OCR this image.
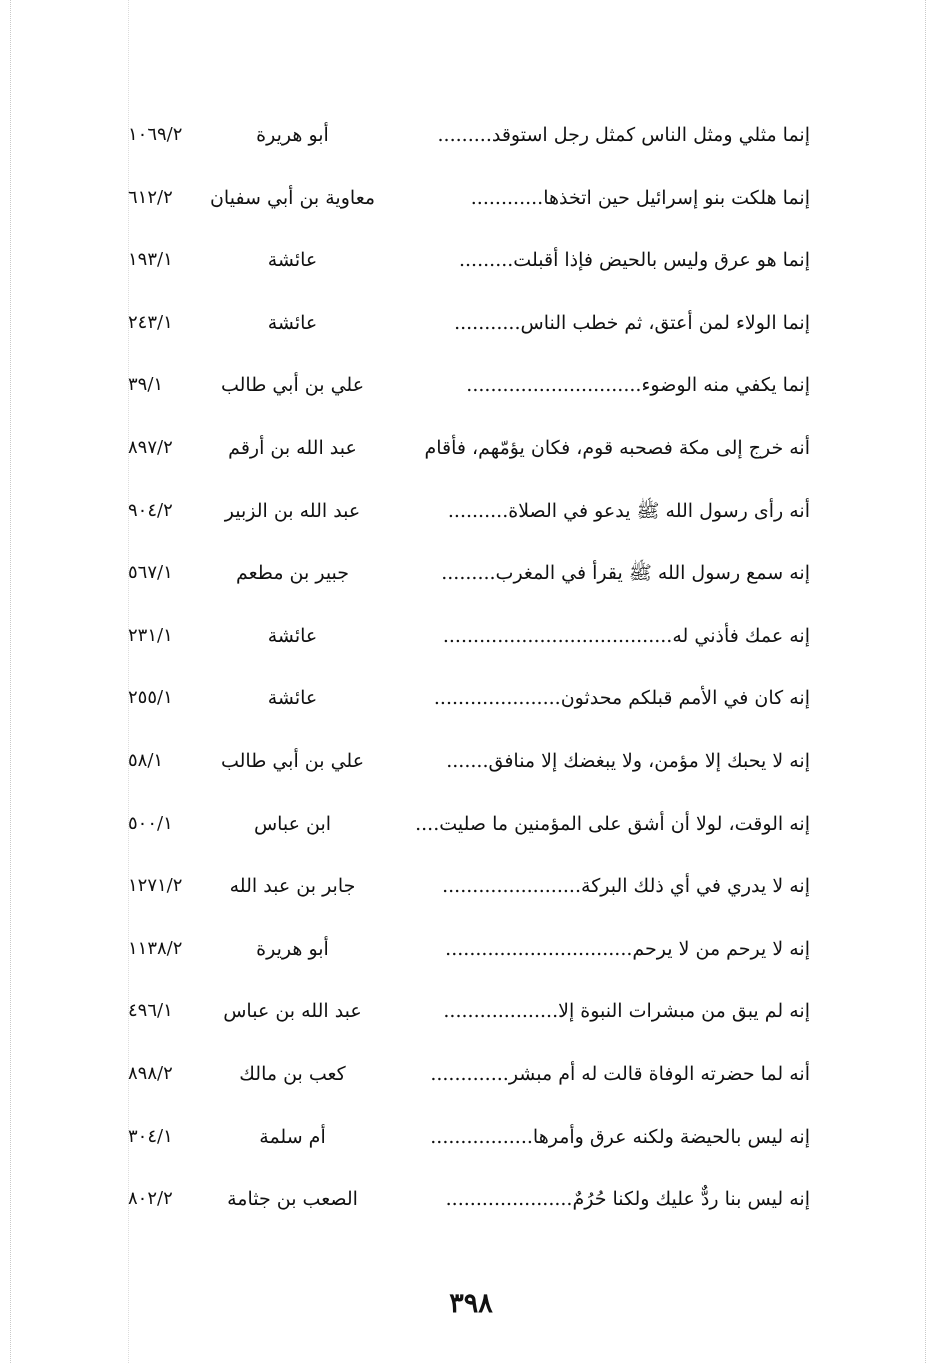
إنما مثلي ومثل الناس كمثل رجل استوقد.........
أبو هريرة
١٠٦٩/٢
إنما هلكت بنو إسرائيل حين اتخذها............
معاوية بن أبي سفيان
٦١٢/٢
إنما هو عرق وليس بالحيض فإذا أقبلت.........
عائشة
١٩٣/١
إنما الولاء لمن أعتق، ثم خطب الناس...........
عائشة
٢٤٣/١
إنما يكفي منه الوضوء.............................
علي بن أبي طالب
٣٩/١
أنه خرج إلى مكة فصحبه قوم، فكان يؤمّهم، فأقام
عبد الله بن أرقم
٨٩٧/٢
أنه رأى رسول الله ﷺ يدعو في الصلاة..........
عبد الله بن الزبير
٩٠٤/٢
إنه سمع رسول الله ﷺ يقرأ في المغرب.........
جبير بن مطعم
٥٦٧/١
إنه عمك فأذني له......................................
عائشة
٢٣١/١
إنه كان في الأمم قبلكم محدثون.....................
عائشة
٢٥٥/١
إنه لا يحبك إلا مؤمن، ولا يبغضك إلا منافق.......
علي بن أبي طالب
٥٨/١
إنه الوقت، لولا أن أشق على المؤمنين ما صليت....
ابن عباس
٥٠٠/١
إنه لا يدري في أي ذلك البركة.......................
جابر بن عبد الله
١٢٧١/٢
إنه لا يرحم من لا يرحم...............................
أبو هريرة
١١٣٨/٢
إنه لم يبق من مبشرات النبوة إلا...................
عبد الله بن عباس
٤٩٦/١
أنه لما حضرته الوفاة قالت له أم مبشر.............
كعب بن مالك
٨٩٨/٢
إنه ليس بالحيضة ولكنه عرق وأمرها.................
أم سلمة
٣٠٤/١
إنه ليس بنا ردٌّ عليك ولكنا حُرُمٌ.....................
الصعب بن جثامة
٨٠٢/٢
٣٩٨
